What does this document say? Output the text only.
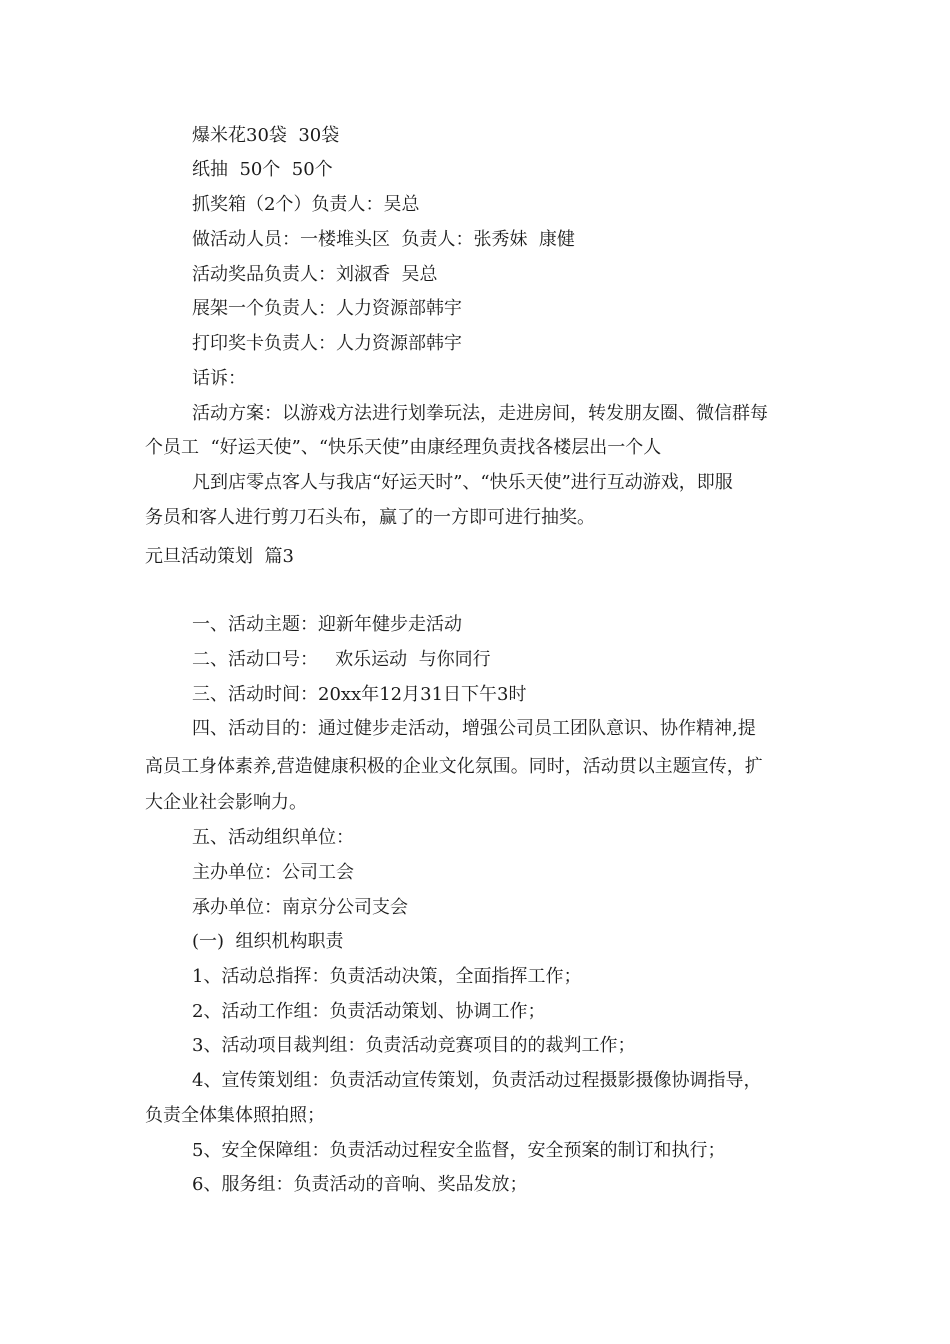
爆米花30袋  30袋
纸抽  50个  50个
抓奖箱（2个）负责人：吴总
做活动人员：一楼堆头区  负责人：张秀妹  康健
活动奖品负责人：刘淑香  吴总
展架一个负责人：人力资源部韩宇
打印奖卡负责人：人力资源部韩宇
话诉：
活动方案：以游戏方法进行划拳玩法，走进房间，转发朋友圈、微信群每
个员工  “好运天使”、“快乐天使”由康经理负责找各楼层出一个人
凡到店零点客人与我店“好运天时”、“快乐天使”进行互动游戏，即服
务员和客人进行剪刀石头布，赢了的一方即可进行抽奖。
元旦活动策划  篇3
一、活动主题：迎新年健步走活动
二、活动口号：   欢乐运动  与你同行
三、活动时间：20xx年12月31日下午3时
四、活动目的：通过健步走活动，增强公司员工团队意识、协作精神,提
高员工身体素养,营造健康积极的企业文化氛围。同时，活动贯以主题宣传，扩
大企业社会影响力。
五、活动组织单位：
主办单位：公司工会
承办单位：南京分公司支会
(一)  组织机构职责
1、活动总指挥：负责活动决策，全面指挥工作；
2、活动工作组：负责活动策划、协调工作；
3、活动项目裁判组：负责活动竞赛项目的的裁判工作；
4、宣传策划组：负责活动宣传策划，负责活动过程摄影摄像协调指导，
负责全体集体照拍照；
5、安全保障组：负责活动过程安全监督，安全预案的制订和执行；
6、服务组：负责活动的音响、奖品发放；
